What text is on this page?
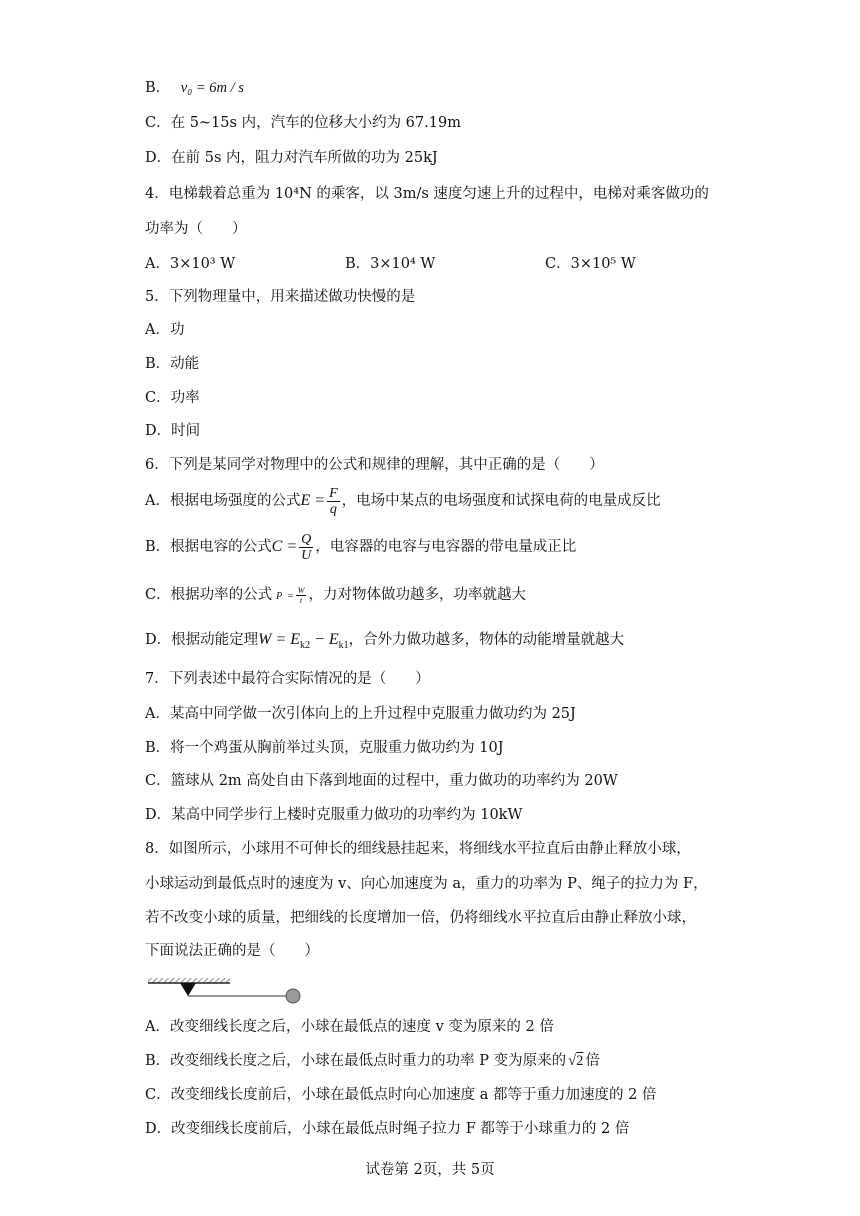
B． v₀ = 6m / s
C．在 5~15s 内，汽车的位移大小约为 67.19m
D．在前 5s 内，阻力对汽车所做的功为 25kJ
4．电梯载着总重为 10⁴N 的乘客，以 3m/s 速度匀速上升的过程中，电梯对乘客做功的
功率为（　　）
A．3×10³ W	B．3×10⁴ W	C．3×10⁵ W
5．下列物理量中，用来描述做功快慢的是
A．功
B．动能
C．功率
D．时间
6．下列是某同学对物理中的公式和规律的理解，其中正确的是（　　）
A．根据电场强度的公式$E = \frac{F}{q}$ ，电场中某点的电场强度和试探电荷的电量成反比
B．根据电容的公式$C = \frac{Q}{U}$ ，电容器的电容与电容器的带电量成正比
C．根据功率的公式 $P = \frac{W}{t}$ ，力对物体做功越多，功率就越大
D．根据动能定理$W = E_{k2} - E_{k1}$，合外力做功越多，物体的动能增量就越大
7．下列表述中最符合实际情况的是（　　）
A．某高中同学做一次引体向上的上升过程中克服重力做功约为 25J
B．将一个鸡蛋从胸前举过头顶，克服重力做功约为 10J
C．篮球从 2m 高处自由下落到地面的过程中，重力做功的功率约为 20W
D．某高中同学步行上楼时克服重力做功的功率约为 10kW
8．如图所示，小球用不可伸长的细线悬挂起来，将细线水平拉直后由静止释放小球，
小球运动到最低点时的速度为 v、向心加速度为 a，重力的功率为 P、绳子的拉力为 F，
若不改变小球的质量，把细线的长度增加一倍，仍将细线水平拉直后由静止释放小球，
下面说法正确的是（　　）
A．改变细线长度之后，小球在最低点的速度 v 变为原来的 2 倍
B．改变细线长度之后，小球在最低点时重力的功率 P 变为原来的 √2 倍
C．改变细线长度前后，小球在最低点时向心加速度 a 都等于重力加速度的 2 倍
D．改变细线长度前后，小球在最低点时绳子拉力 F 都等于小球重力的 2 倍
试卷第 2页，共 5页
